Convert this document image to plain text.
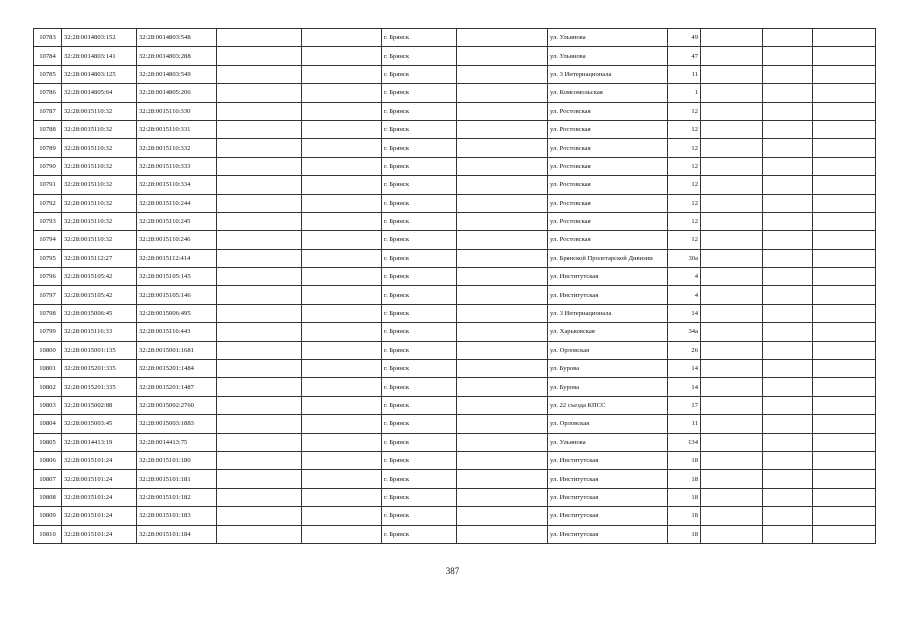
10783	32:28:0014803:152	32:28:0014803:548			г. Брянск		ул. Ульянова	49			
10784	32:28:0014803:141	32:28:0014803:288			г. Брянск		ул. Ульянова	47			
10785	32:28:0014803:125	32:28:0014803:549			г. Брянск		ул. 3 Интернационала	11			
10786	32:28:0014805:64	32:28:0014805:206			г. Брянск		ул. Комсомольская	1			
10787	32:28:0015110:32	32:28:0015110:330			г. Брянск		ул. Ростовская	12			
10788	32:28:0015110:32	32:28:0015110:331			г. Брянск		ул. Ростовская	12			
10789	32:28:0015110:32	32:28:0015110:332			г. Брянск		ул. Ростовская	12			
10790	32:28:0015110:32	32:28:0015110:333			г. Брянск		ул. Ростовская	12			
10791	32:28:0015110:32	32:28:0015110:334			г. Брянск		ул. Ростовская	12			
10792	32:28:0015110:32	32:28:0015110:244			г. Брянск		ул. Ростовская	12			
10793	32:28:0015110:32	32:28:0015110:245			г. Брянск		ул. Ростовская	12			
10794	32:28:0015110:32	32:28:0015110:246			г. Брянск		ул. Ростовская	12			
10795	32:28:0015112:27	32:28:0015112:414			г. Брянск		ул. Брянской Пролетарской Дивизии	30а			
10796	32:28:0015105:42	32:28:0015105:145			г. Брянск		ул. Институтская	4			
10797	32:28:0015105:42	32:28:0015105:146			г. Брянск		ул. Институтская	4			
10798	32:28:0015006:45	32:28:0015006:495			г. Брянск		ул. 3 Интернационала	14			
10799	32:28:0015116:33	32:28:0015116:443			г. Брянск		ул. Харьковская	34а			
10800	32:28:0015001:135	32:28:0015001:1681			г. Брянск		ул. Орловская	26			
10801	32:28:0015201:335	32:28:0015201:1484			г. Брянск		ул. Бурова	14			
10802	32:28:0015201:335	32:28:0015201:1487			г. Брянск		ул. Бурова	14			
10803	32:28:0015002:88	32:28:0015002:2760			г. Брянск		ул. 22 съезда КПСС	17			
10804	32:28:0015003:45	32:28:0015003:1883			г. Брянск		ул. Орловская	11			
10805	32:28:0014413:19	32:28:0014413:75			г. Брянск		ул. Ульянова	134			
10806	32:28:0015101:24	32:28:0015101:180			г. Брянск		ул. Институтская	18			
10807	32:28:0015101:24	32:28:0015101:181			г. Брянск		ул. Институтская	18			
10808	32:28:0015101:24	32:28:0015101:182			г. Брянск		ул. Институтская	18			
10809	32:28:0015101:24	32:28:0015101:183			г. Брянск		ул. Институтская	18			
10810	32:28:0015101:24	32:28:0015101:184			г. Брянск		ул. Институтская	18			
387
